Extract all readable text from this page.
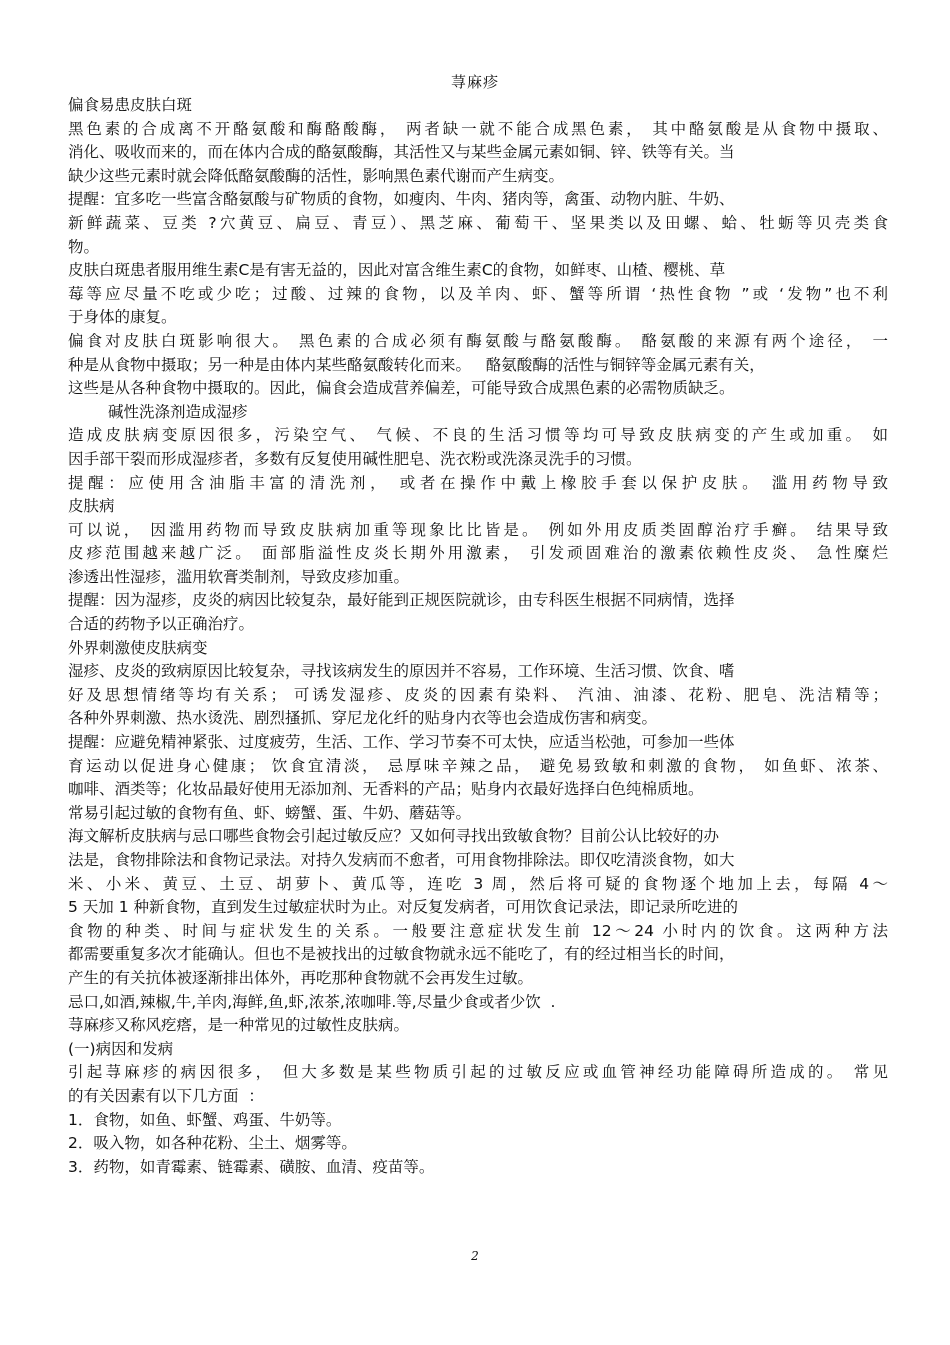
荨麻疹
偏食易患皮肤白斑
黑色素的合成离不开酪氨酸和酶酪酸酶， 两者缺一就不能合成黑色素， 其中酪氨酸是从食物中摄取、
消化、吸收而来的，而在体内合成的酪氨酸酶，其活性又与某些金属元素如铜、锌、铁等有关。当
缺少这些元素时就会降低酪氨酸酶的活性，影响黑色素代谢而产生病变。
提醒：宜多吃一些富含酪氨酸与矿物质的食物，如瘦肉、牛肉、猪肉等，禽蛋、动物内脏、牛奶、
新鲜蔬菜、豆类 ?穴黄豆、扁豆、青豆）、黑芝麻、葡萄干、坚果类以及田螺、蛤、牡蛎等贝壳类食
物。
皮肤白斑患者服用维生素C是有害无益的，因此对富含维生素C的食物，如鲜枣、山楂、樱桃、草
莓等应尽量不吃或少吃；过酸、过辣的食物，以及羊肉、虾、蟹等所谓 ‘热性食物 ”或 ‘发物”也不利
于身体的康复。
偏食对皮肤白斑影响很大。 黑色素的合成必须有酶氨酸与酪氨酸酶。 酪氨酸的来源有两个途径， 一
种是从食物中摄取；另一种是由体内某些酪氨酸转化而来。   酪氨酸酶的活性与铜锌等金属元素有关，
这些是从各种食物中摄取的。因此，偏食会造成营养偏差，可能导致合成黑色素的必需物质缺乏。
碱性洗涤剂造成湿疹
造成皮肤病变原因很多，污染空气、 气候、不良的生活习惯等均可导致皮肤病变的产生或加重。 如
因手部干裂而形成湿疹者，多数有反复使用碱性肥皂、洗衣粉或洗涤灵洗手的习惯。
提醒：应使用含油脂丰富的清洗剂， 或者在操作中戴上橡胶手套以保护皮肤。 滥用药物导致
皮肤病
可以说， 因滥用药物而导致皮肤病加重等现象比比皆是。 例如外用皮质类固醇治疗手癣。 结果导致
皮疹范围越来越广泛。 面部脂溢性皮炎长期外用激素， 引发顽固难治的激素依赖性皮炎、 急性糜烂
渗透出性湿疹，滥用软膏类制剂，导致皮疹加重。
提醒：因为湿疹，皮炎的病因比较复杂，最好能到正规医院就诊，由专科医生根据不同病情，选择
合适的药物予以正确治疗。
外界刺激使皮肤病变
湿疹、皮炎的致病原因比较复杂，寻找该病发生的原因并不容易，工作环境、生活习惯、饮食、嗜
好及思想情绪等均有关系； 可诱发湿疹、皮炎的因素有染料、 汽油、油漆、花粉、肥皂、洗洁精等；
各种外界刺激、热水烫洗、剧烈搔抓、穿尼龙化纤的贴身内衣等也会造成伤害和病变。
提醒：应避免精神紧张、过度疲劳，生活、工作、学习节奏不可太快，应适当松弛，可参加一些体
育运动以促进身心健康； 饮食宜清淡， 忌厚味辛辣之品， 避免易致敏和刺激的食物， 如鱼虾、浓茶、
咖啡、酒类等；化妆品最好使用无添加剂、无香料的产品；贴身内衣最好选择白色纯棉质地。
常易引起过敏的食物有鱼、虾、螃蟹、蛋、牛奶、蘑菇等。
海文解析皮肤病与忌口哪些食物会引起过敏反应？又如何寻找出致敏食物？目前公认比较好的办
法是，食物排除法和食物记录法。对持久发病而不愈者，可用食物排除法。即仅吃清淡食物，如大
米、小米、黄豆、土豆、胡萝卜、黄瓜等，连吃 3 周，然后将可疑的食物逐个地加上去，每隔 4～
5 天加 1 种新食物，直到发生过敏症状时为止。对反复发病者，可用饮食记录法，即记录所吃进的
食物的种类、时间与症状发生的关系。一般要注意症状发生前 12～24 小时内的饮食。这两种方法
都需要重复多次才能确认。但也不是被找出的过敏食物就永远不能吃了，有的经过相当长的时间，
产生的有关抗体被逐渐排出体外，再吃那种食物就不会再发生过敏。
忌口,如酒,辣椒,牛,羊肉,海鲜,鱼,虾,浓茶,浓咖啡.等,尽量少食或者少饮  .
荨麻疹又称风疙瘩，是一种常见的过敏性皮肤病。
(一)病因和发病
引起荨麻疹的病因很多， 但大多数是某些物质引起的过敏反应或血管神经功能障碍所造成的。 常见
的有关因素有以下几方面  ：
1．食物，如鱼、虾蟹、鸡蛋、牛奶等。
2．吸入物，如各种花粉、尘土、烟雾等。
3．药物，如青霉素、链霉素、磺胺、血清、疫苗等。
2
